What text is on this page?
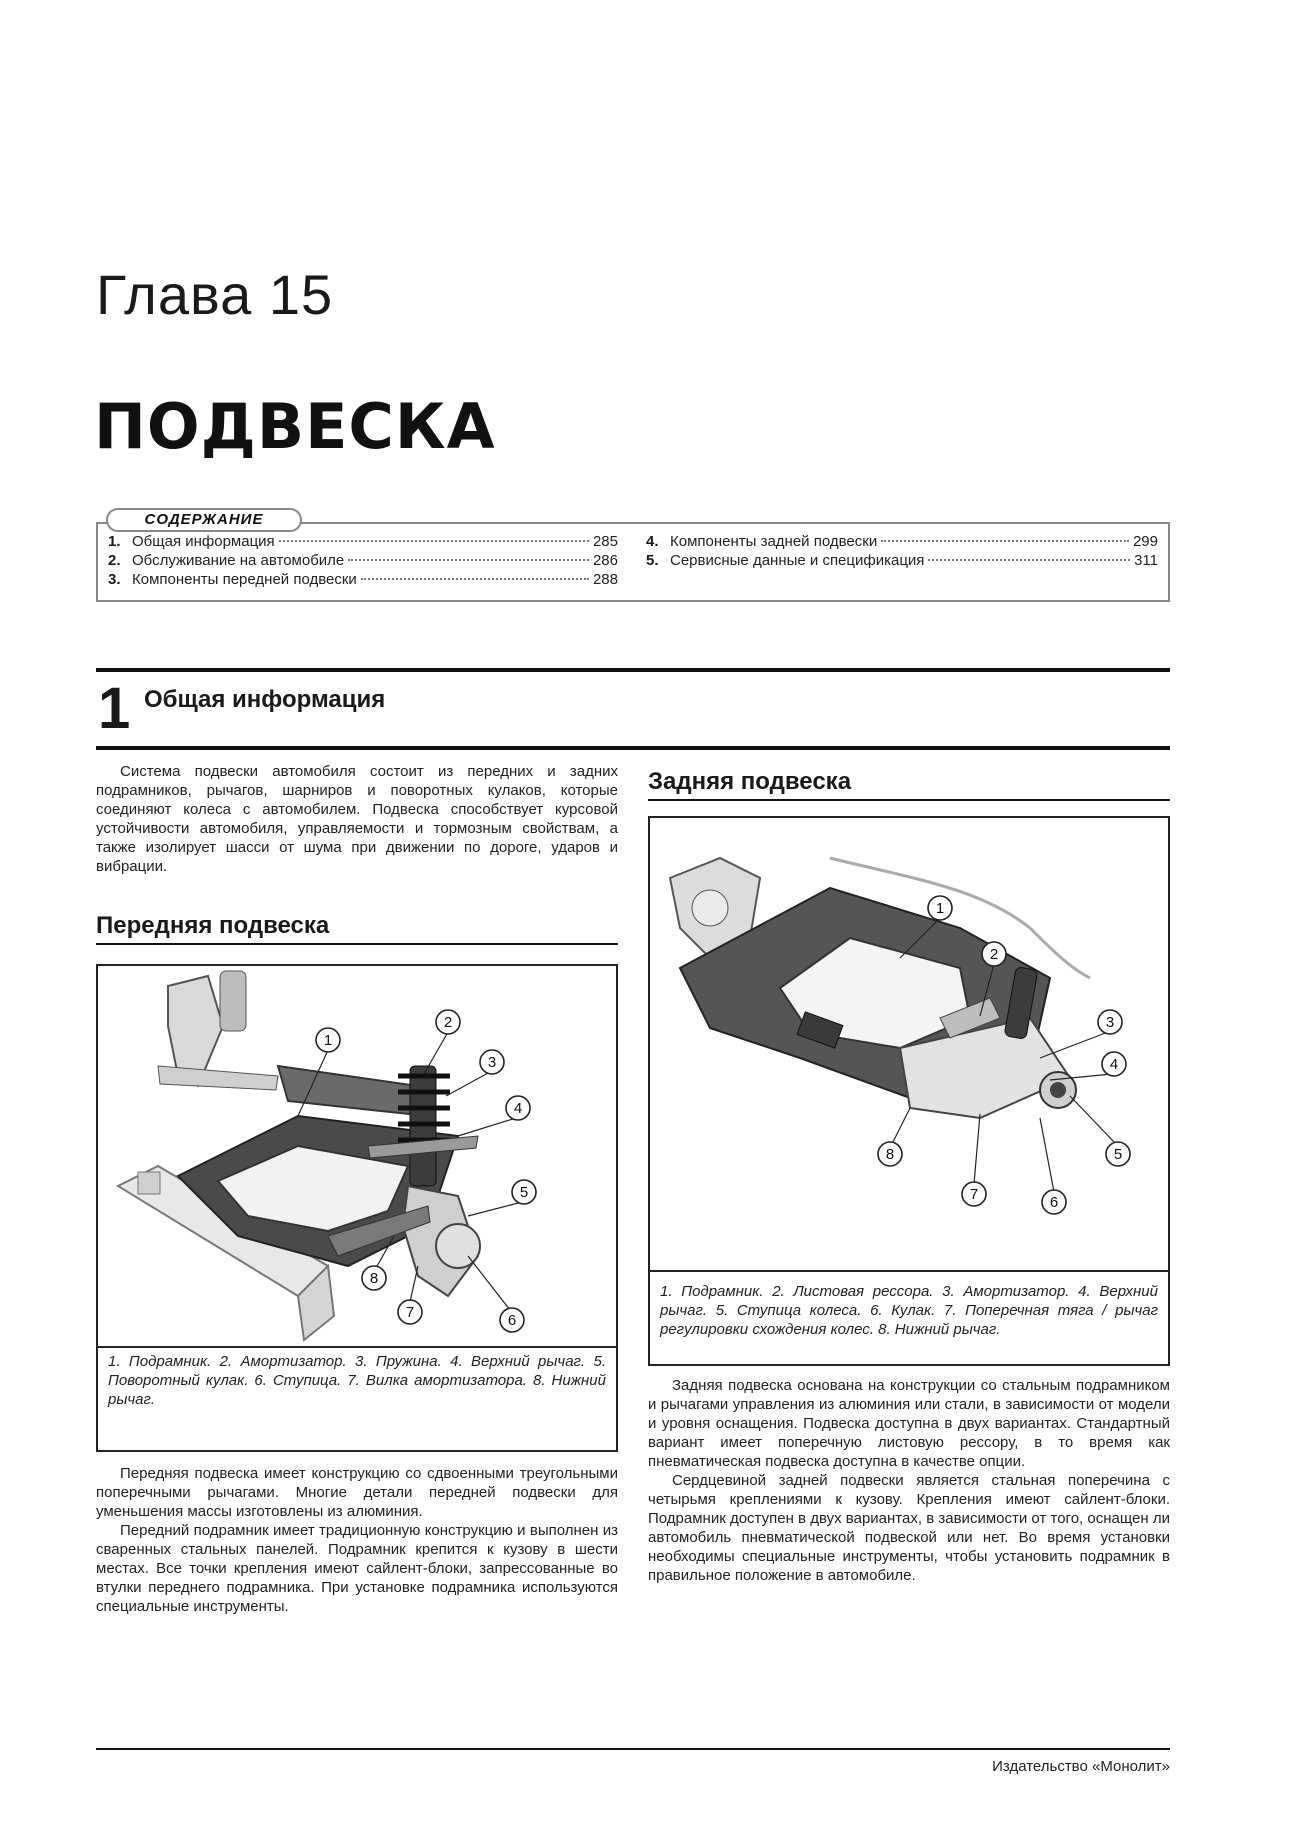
Глава 15
ПОДВЕСКА
СОДЕРЖАНИЕ
1. Общая информация	285
2. Обслуживание на автомобиле	286
3. Компоненты передней подвески	288
4. Компоненты задней подвески	299
5. Сервисные данные и спецификация	311
1 Общая информация

Система подвески автомобиля состоит из передних и задних подрамников, рычагов, шарниров и поворотных кулаков, которые соединяют колеса с автомобилем. Подвеска способствует курсовой устойчивости автомобиля, управляемости и тормозным свойствам, а также изолирует шасси от шума при движении по дороге, ударов и вибрации.

Передняя подвеска
1
2
3
4
5
6
7
8
1. Подрамник. 2. Амортизатор. 3. Пружина. 4. Верхний рычаг. 5. Поворотный кулак. 6. Ступица. 7. Вилка амортизатора. 8. Нижний рычаг.

Передняя подвеска имеет конструкцию со сдвоенными треугольными поперечными рычагами. Многие детали передней подвески для уменьшения массы изготовлены из алюминия.

Передний подрамник имеет традиционную конструкцию и выполнен из сваренных стальных панелей. Подрамник крепится к кузову в шести местах. Все точки крепления имеют сайлент-блоки, запрессованные во втулки переднего подрамника. При установке подрамника используются специальные инструменты.

Задняя подвеска
1
2
3
4
5
6
7
8
1. Подрамник. 2. Листовая рессора. 3. Амортизатор. 4. Верхний рычаг. 5. Ступица колеса. 6. Кулак. 7. Поперечная тяга / рычаг регулировки схождения колес. 8. Нижний рычаг.

Задняя подвеска основана на конструкции со стальным подрамником и рычагами управления из алюминия или стали, в зависимости от модели и уровня оснащения. Подвеска доступна в двух вариантах. Стандартный вариант имеет поперечную листовую рессору, в то время как пневматическая подвеска доступна в качестве опции.

Сердцевиной задней подвески является стальная поперечина с четырьмя креплениями к кузову. Крепления имеют сайлент-блоки. Подрамник доступен в двух вариантах, в зависимости от того, оснащен ли автомобиль пневматической подвеской или нет. Во время установки необходимы специальные инструменты, чтобы установить подрамник в правильное положение в автомобиле.

Издательство «Монолит»
